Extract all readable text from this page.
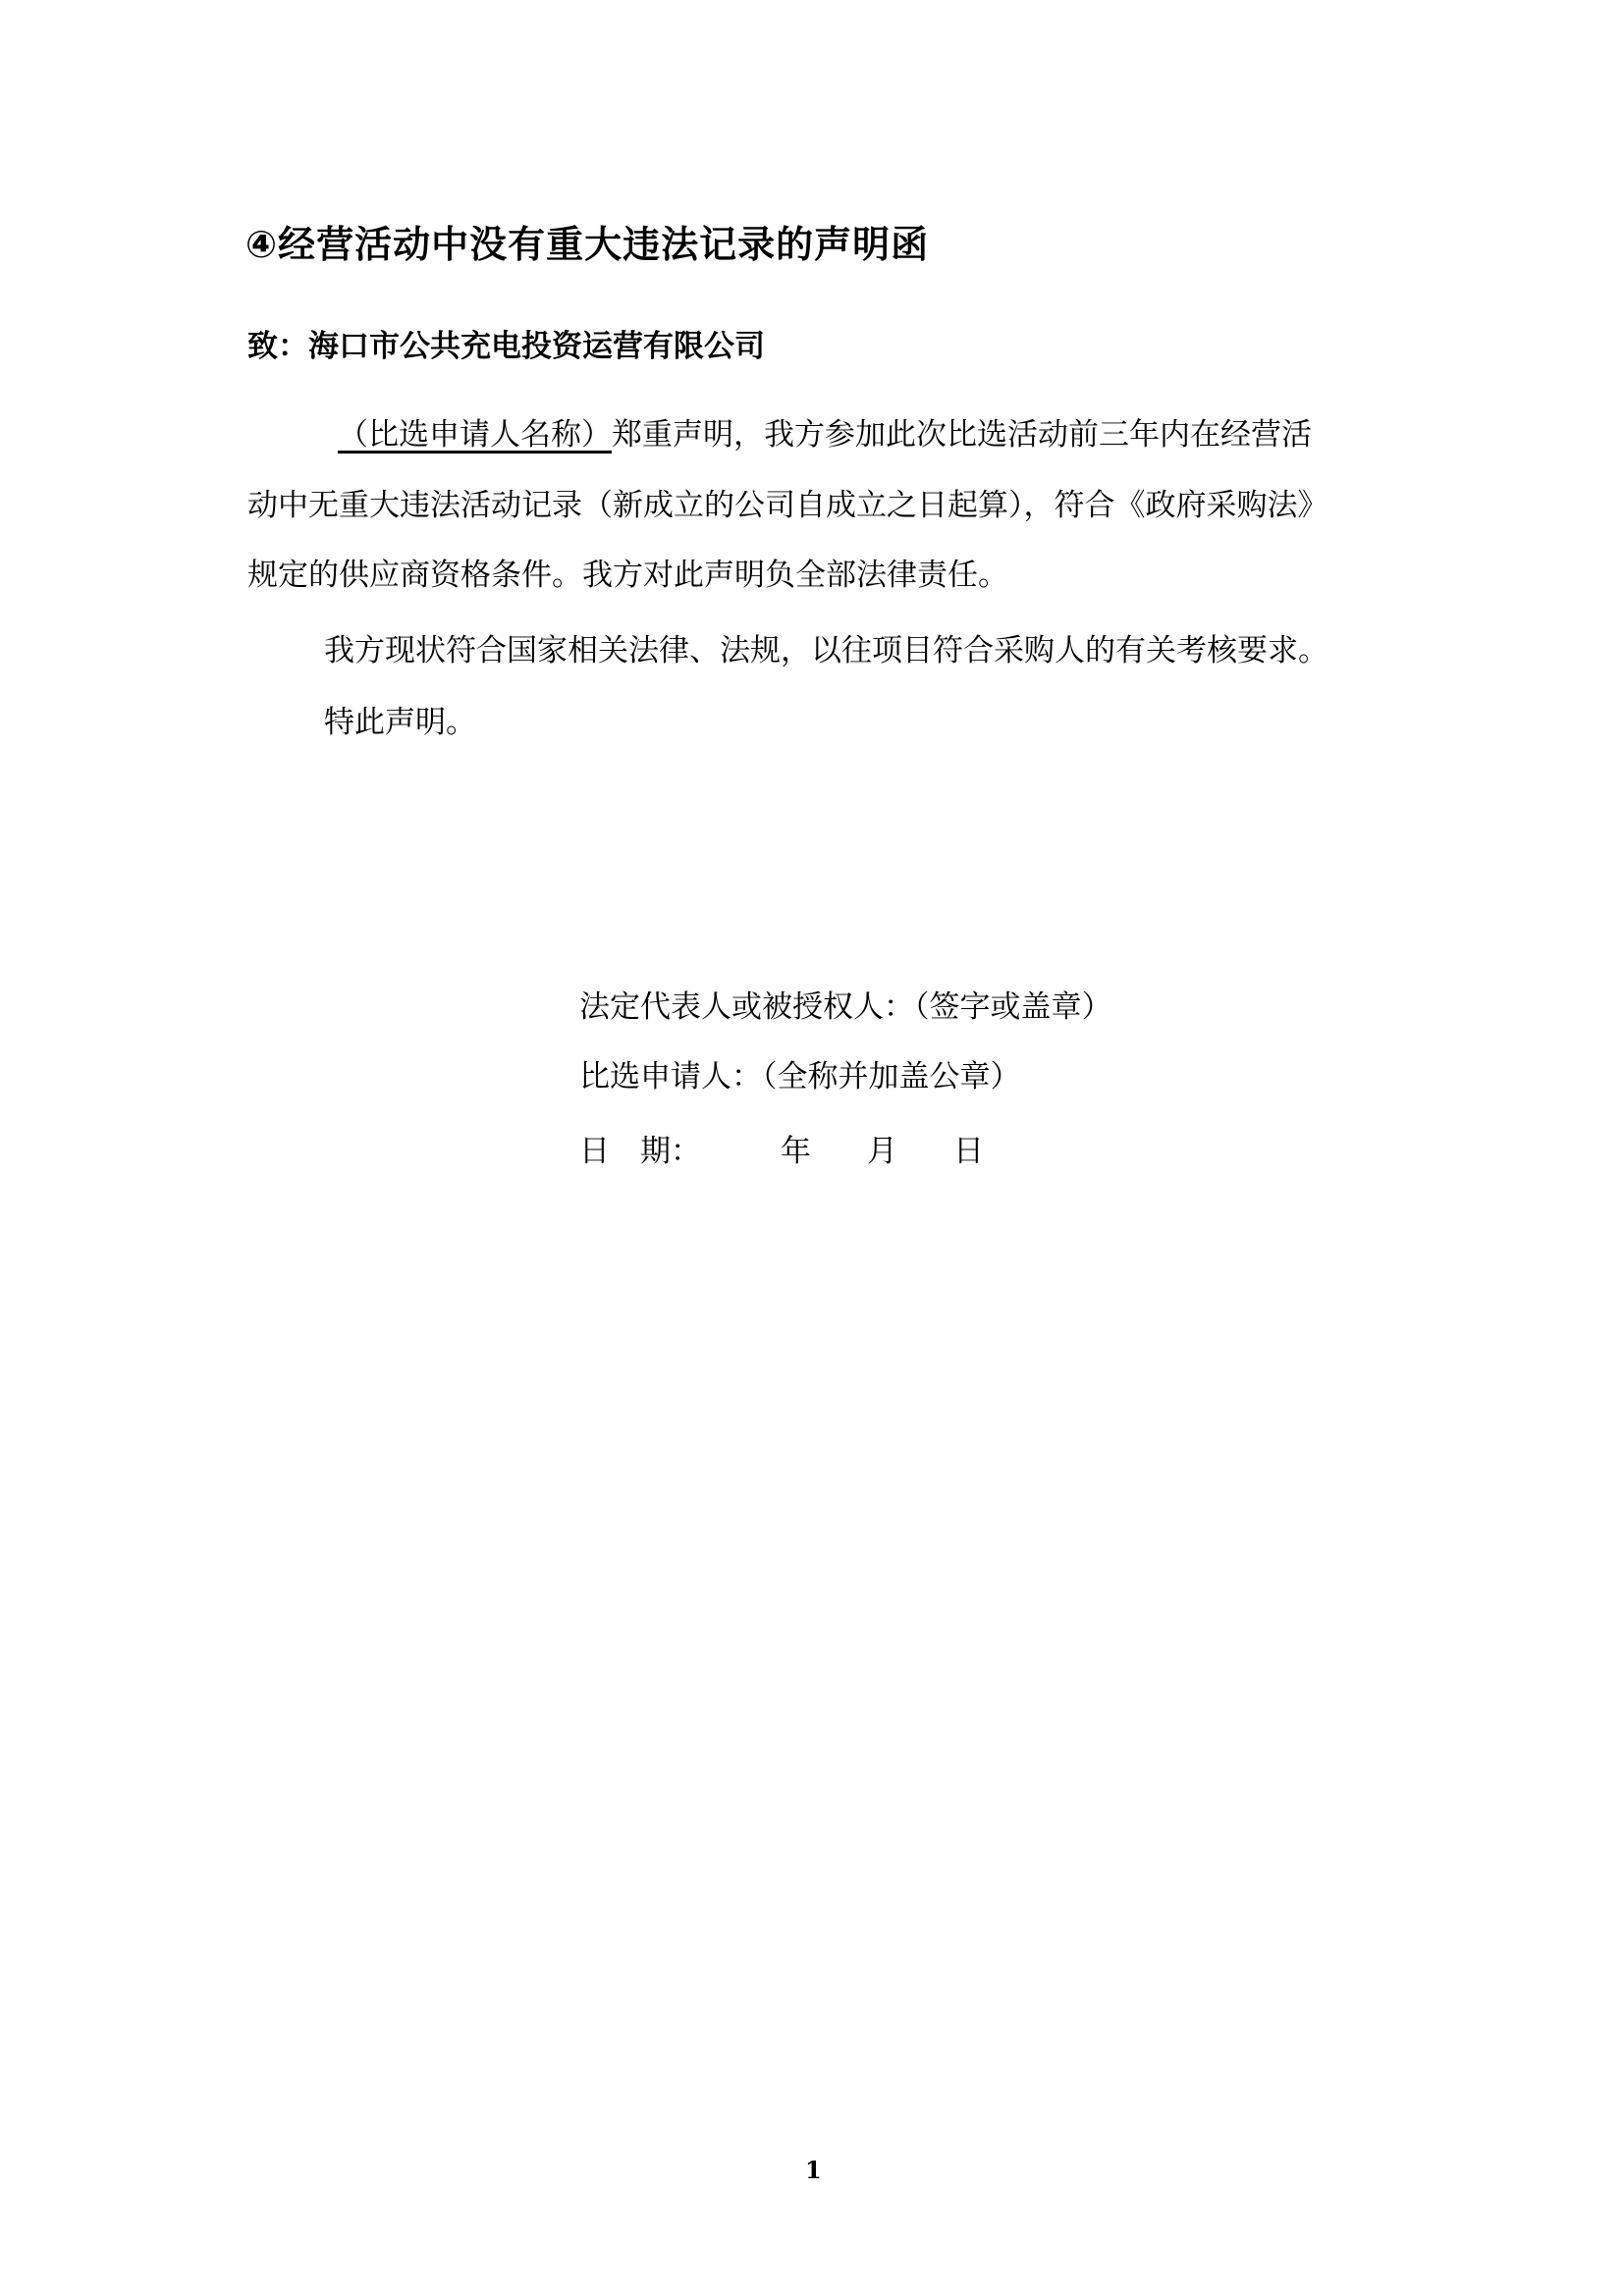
④经营活动中没有重大违法记录的声明函
致：海口市公共充电投资运营有限公司
（比选申请人名称）郑重声明，我方参加此次比选活动前三年内在经营活
动中无重大违法活动记录（新成立的公司自成立之日起算），符合《政府采购法》
规定的供应商资格条件。我方对此声明负全部法律责任。
我方现状符合国家相关法律、法规，以往项目符合采购人的有关考核要求。
特此声明。
法定代表人或被授权人：（签字或盖章）
比选申请人：（全称并加盖公章）
日　期：	年 月 日
1
